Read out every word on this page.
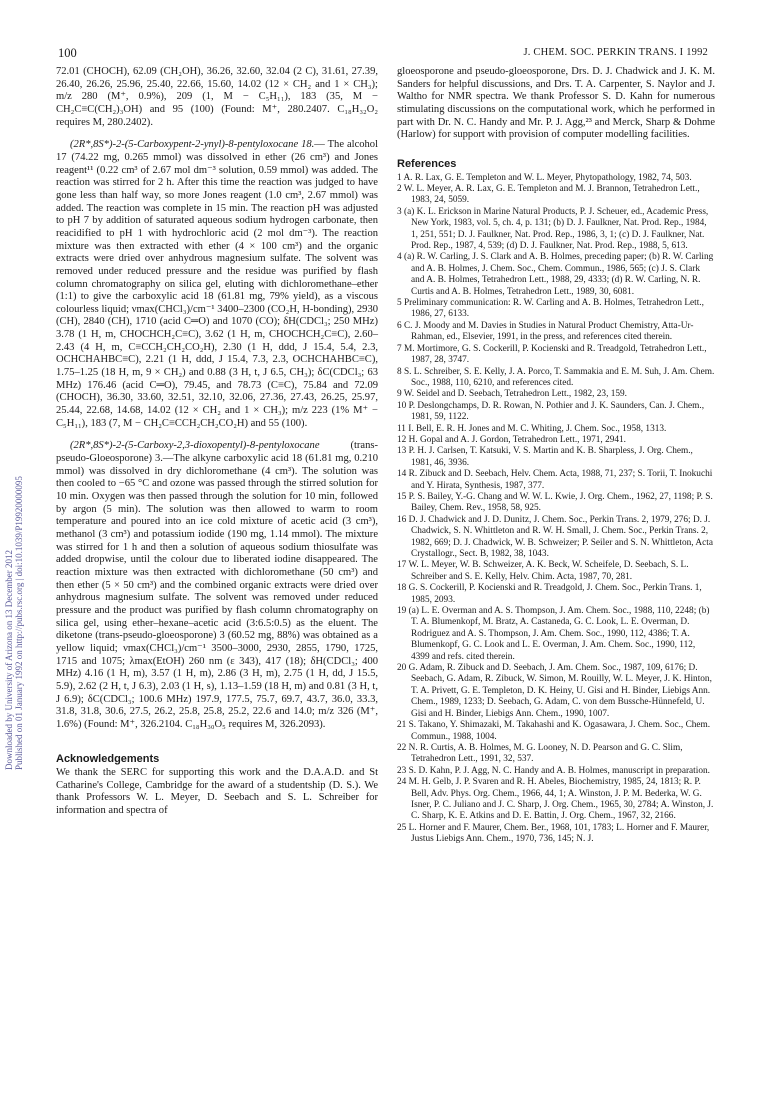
100	J. CHEM. SOC. PERKIN TRANS. I 1992
Downloaded by University of Arizona on 13 December 2012 Published on 01 January 1992 on http://pubs.rsc.org | doi:10.1039/P19920000095

72.01 (CHOCH), 62.09 (CH₂OH), 36.26, 32.60, 32.04 (2 C), 31.61, 27.39, 26.40, 26.26, 25.96, 25.40, 22.66, 15.60, 14.02 (12 × CH₂ and 1 × CH₃); m/z 280 (M⁺, 0.9%), 209 (1, M − C₅H₁₁), 183 (35, M − CH₂C≡C(CH₂)₃OH) and 95 (100) (Found: M⁺, 280.2407. C₁₈H₃₂O₂ requires M, 280.2402).

(2R*,8S*)-2-(5-Carboxypent-2-ynyl)-8-pentyloxocane 18.— The alcohol 17 (74.22 mg, 0.265 mmol) was dissolved in ether (26 cm³) and Jones reagent¹¹ (0.22 cm³ of 2.67 mol dm⁻³ solution, 0.59 mmol) was added. The reaction was stirred for 2 h. After this time the reaction was judged to have gone less than half way, so more Jones reagent (1.0 cm³, 2.67 mmol) was added. The reaction was complete in 15 min. The reaction pH was adjusted to pH 7 by addition of saturated aqueous sodium hydrogen carbonate, then reacidified to pH 1 with hydrochloric acid (2 mol dm⁻³). The reaction mixture was then extracted with ether (4 × 100 cm³) and the organic extracts were dried over anhydrous magnesium sulfate. The solvent was removed under reduced pressure and the residue was purified by flash column chromatography on silica gel, eluting with dichloromethane–ether (1:1) to give the carboxylic acid 18 (61.81 mg, 79% yield), as a viscous colourless liquid; νmax(CHCl₃)/cm⁻¹ 3400–2300 (CO₂H, H-bonding), 2930 (CH), 2840 (CH), 1710 (acid C═O) and 1070 (CO); δH(CDCl₃; 250 MHz) 3.78 (1 H, m, CHOCHCH₂C≡C), 3.62 (1 H, m, CHOCHCH₂C≡C), 2.60–2.43 (4 H, m, C≡CCH₂CH₂CO₂H), 2.30 (1 H, ddd, J 15.4, 5.4, 2.3, OCHCHAHBC≡C), 2.21 (1 H, ddd, J 15.4, 7.3, 2.3, OCHCHAHBC≡C), 1.75–1.25 (18 H, m, 9 × CH₂) and 0.88 (3 H, t, J 6.5, CH₃); δC(CDCl₃; 63 MHz) 176.46 (acid C═O), 79.45, and 78.73 (C≡C), 75.84 and 72.09 (CHOCH), 36.30, 33.60, 32.51, 32.10, 32.06, 27.36, 27.43, 26.25, 25.97, 25.44, 22.68, 14.68, 14.02 (12 × CH₂ and 1 × CH₃); m/z 223 (1% M⁺ − C₅H₁₁), 183 (7, M − CH₂C≡CCH₂CH₂CO₂H) and 55 (100).

(2R*,8S*)-2-(5-Carboxy-2,3-dioxopentyl)-8-pentyloxocane	(trans-pseudo-Gloeosporone) 3.—The alkyne carboxylic acid 18 (61.81 mg, 0.210 mmol) was dissolved in dry dichloromethane (4 cm³). The solution was then cooled to −65 °C and ozone was passed through the stirred solution for 10 min. Oxygen was then passed through the solution for 10 min, followed by argon (5 min). The solution was then allowed to warm to room temperature and poured into an ice cold mixture of acetic acid (3 cm³), methanol (3 cm³) and potassium iodide (190 mg, 1.14 mmol). The mixture was stirred for 1 h and then a solution of aqueous sodium thiosulfate was added dropwise, until the colour due to liberated iodine disappeared. The reaction mixture was then extracted with dichloromethane (50 cm³) and then ether (5 × 50 cm³) and the combined organic extracts were dried over anhydrous magnesium sulfate. The solvent was removed under reduced pressure and the product was purified by flash column chromatography on silica gel, using ether–hexane–acetic acid (3:6.5:0.5) as the eluent. The diketone (trans-pseudo-gloeosporone) 3 (60.52 mg, 88%) was obtained as a yellow liquid; νmax(CHCl₃)/cm⁻¹ 3500–3000, 2930, 2855, 1790, 1725, 1715 and 1075; λmax(EtOH) 260 nm (ε 343), 417 (18); δH(CDCl₃; 400 MHz) 4.16 (1 H, m), 3.57 (1 H, m), 2.86 (3 H, m), 2.75 (1 H, dd, J 15.5, 5.9), 2.62 (2 H, t, J 6.3), 2.03 (1 H, s), 1.13–1.59 (18 H, m) and 0.81 (3 H, t, J 6.9); δC(CDCl₃; 100.6 MHz) 197.9, 177.5, 75.7, 69.7, 43.7, 36.0, 33.3, 31.8, 31.8, 30.6, 27.5, 26.2, 25.8, 25.8, 25.2, 22.6 and 14.0; m/z 326 (M⁺, 1.6%) (Found: M⁺, 326.2104. C₁₈H₃₀O₅ requires M, 326.2093).

Acknowledgements

We thank the SERC for supporting this work and the D.A.A.D. and St Catharine's College, Cambridge for the award of a studentship (D. S.). We thank Professors W. L. Meyer, D. Seebach and S. L. Schreiber for information and spectra of

gloeosporone and pseudo-gloeosporone, Drs. D. J. Chadwick and J. K. M. Sanders for helpful discussions, and Drs. T. A. Carpenter, S. Naylor and J. Waltho for NMR spectra. We thank Professor S. D. Kahn for numerous stimulating discussions on the computational work, which he performed in part with Dr. N. C. Handy and Mr. P. J. Agg,²³ and Merck, Sharp & Dohme (Harlow) for support with provision of computer modelling facilities.

References

1 A. R. Lax, G. E. Templeton and W. L. Meyer, Phytopathology, 1982, 74, 503.

2 W. L. Meyer, A. R. Lax, G. E. Templeton and M. J. Brannon, Tetrahedron Lett., 1983, 24, 5059.

3 (a) K. L. Erickson in Marine Natural Products, P. J. Scheuer, ed., Academic Press, New York, 1983, vol. 5, ch. 4, p. 131; (b) D. J. Faulkner, Nat. Prod. Rep., 1984, 1, 251, 551; D. J. Faulkner, Nat. Prod. Rep., 1986, 3, 1; (c) D. J. Faulkner, Nat. Prod. Rep., 1987, 4, 539; (d) D. J. Faulkner, Nat. Prod. Rep., 1988, 5, 613.

4 (a) R. W. Carling, J. S. Clark and A. B. Holmes, preceding paper; (b) R. W. Carling and A. B. Holmes, J. Chem. Soc., Chem. Commun., 1986, 565; (c) J. S. Clark and A. B. Holmes, Tetrahedron Lett., 1988, 29, 4333; (d) R. W. Carling, N. R. Curtis and A. B. Holmes, Tetrahedron Lett., 1989, 30, 6081.

5 Preliminary communication: R. W. Carling and A. B. Holmes, Tetrahedron Lett., 1986, 27, 6133.

6 C. J. Moody and M. Davies in Studies in Natural Product Chemistry, Atta-Ur-Rahman, ed., Elsevier, 1991, in the press, and references cited therein.

7 M. Mortimore, G. S. Cockerill, P. Kocienski and R. Treadgold, Tetrahedron Lett., 1987, 28, 3747.

8 S. L. Schreiber, S. E. Kelly, J. A. Porco, T. Sammakia and E. M. Suh, J. Am. Chem. Soc., 1988, 110, 6210, and references cited.

9 W. Seidel and D. Seebach, Tetrahedron Lett., 1982, 23, 159.

10 P. Deslongchamps, D. R. Rowan, N. Pothier and J. K. Saunders, Can. J. Chem., 1981, 59, 1122.

11 I. Bell, E. R. H. Jones and M. C. Whiting, J. Chem. Soc., 1958, 1313.

12 H. Gopal and A. J. Gordon, Tetrahedron Lett., 1971, 2941.

13 P. H. J. Carlsen, T. Katsuki, V. S. Martin and K. B. Sharpless, J. Org. Chem., 1981, 46, 3936.

14 R. Zibuck and D. Seebach, Helv. Chem. Acta, 1988, 71, 237; S. Torii, T. Inokuchi and Y. Hirata, Synthesis, 1987, 377.

15 P. S. Bailey, Y.-G. Chang and W. W. L. Kwie, J. Org. Chem., 1962, 27, 1198; P. S. Bailey, Chem. Rev., 1958, 58, 925.

16 D. J. Chadwick and J. D. Dunitz, J. Chem. Soc., Perkin Trans. 2, 1979, 276; D. J. Chadwick, S. N. Whittleton and R. W. H. Small, J. Chem. Soc., Perkin Trans. 2, 1982, 669; D. J. Chadwick, W. B. Schweizer; P. Seiler and S. N. Whittleton, Acta Crystallogr., Sect. B, 1982, 38, 1043.

17 W. L. Meyer, W. B. Schweizer, A. K. Beck, W. Scheifele, D. Seebach, S. L. Schreiber and S. E. Kelly, Helv. Chim. Acta, 1987, 70, 281.

18 G. S. Cockerill, P. Kocienski and R. Treadgold, J. Chem. Soc., Perkin Trans. 1, 1985, 2093.

19 (a) L. E. Overman and A. S. Thompson, J. Am. Chem. Soc., 1988, 110, 2248; (b) T. A. Blumenkopf, M. Bratz, A. Castaneda, G. C. Look, L. E. Overman, D. Rodriguez and A. S. Thompson, J. Am. Chem. Soc., 1990, 112, 4386; T. A. Blumenkopf, G. C. Look and L. E. Overman, J. Am. Chem. Soc., 1990, 112, 4399 and refs. cited therein.

20 G. Adam, R. Zibuck and D. Seebach, J. Am. Chem. Soc., 1987, 109, 6176; D. Seebach, G. Adam, R. Zibuck, W. Simon, M. Rouilly, W. L. Meyer, J. K. Hinton, T. A. Privett, G. E. Templeton, D. K. Heiny, U. Gisi and H. Binder, Liebigs Ann. Chem., 1989, 1233; D. Seebach, G. Adam, C. von dem Bussche-Hünnefeld, U. Gisi and H. Binder, Liebigs Ann. Chem., 1990, 1007.

21 S. Takano, Y. Shimazaki, M. Takahashi and K. Ogasawara, J. Chem. Soc., Chem. Commun., 1988, 1004.

22 N. R. Curtis, A. B. Holmes, M. G. Looney, N. D. Pearson and G. C. Slim, Tetrahedron Lett., 1991, 32, 537.

23 S. D. Kahn, P. J. Agg, N. C. Handy and A. B. Holmes, manuscript in preparation.

24 M. H. Gelb, J. P. Svaren and R. H. Abeles, Biochemistry, 1985, 24, 1813; R. P. Bell, Adv. Phys. Org. Chem., 1966, 44, 1; A. Winston, J. P. M. Bederka, W. G. Isner, P. C. Juliano and J. C. Sharp, J. Org. Chem., 1965, 30, 2784; A. Winston, J. C. Sharp, K. E. Atkins and D. E. Battin, J. Org. Chem., 1967, 32, 2166.

25 L. Horner and F. Maurer, Chem. Ber., 1968, 101, 1783; L. Horner and F. Maurer, Justus Liebigs Ann. Chem., 1970, 736, 145; N. J.
